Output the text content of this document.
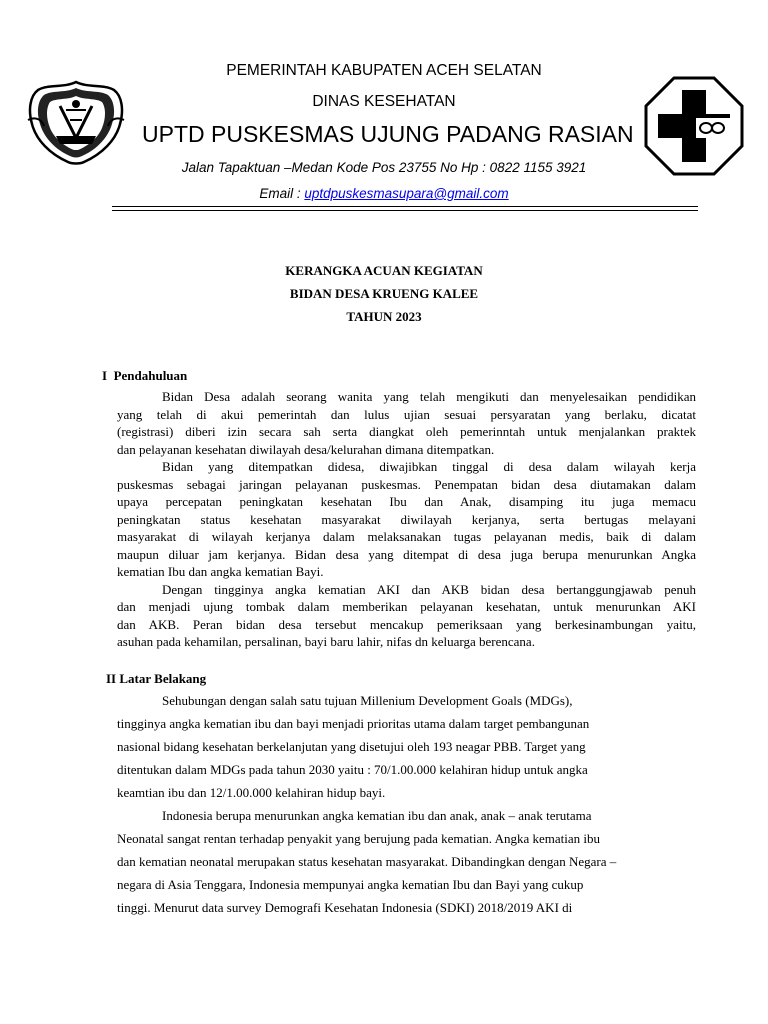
PEMERINTAH KABUPATEN ACEH SELATAN
DINAS KESEHATAN
UPTD PUSKESMAS UJUNG PADANG RASIAN
Jalan Tapaktuan –Medan Kode Pos 23755 No Hp : 0822 1155 3921
Email : uptdpuskesmasupara@gmail.com
KERANGKA ACUAN KEGIATAN
BIDAN DESA KRUENG KALEE
TAHUN 2023
I Pendahuluan
Bidan Desa adalah seorang wanita yang telah mengikuti dan menyelesaikan pendidikan
yang telah di akui pemerintah dan lulus ujian sesuai persyaratan yang berlaku, dicatat
(registrasi) diberi izin secara sah serta diangkat oleh pemerinntah untuk menjalankan praktek
dan pelayanan kesehatan diwilayah desa/kelurahan dimana ditempatkan.
Bidan yang ditempatkan didesa, diwajibkan tinggal di desa dalam wilayah kerja
puskesmas sebagai jaringan pelayanan puskesmas. Penempatan bidan desa diutamakan dalam
upaya percepatan peningkatan kesehatan Ibu dan Anak, disamping itu juga memacu
peningkatan status kesehatan masyarakat diwilayah kerjanya, serta bertugas melayani
masyarakat di wilayah kerjanya dalam melaksanakan tugas pelayanan medis, baik di dalam
maupun diluar jam kerjanya. Bidan desa yang ditempat di desa juga berupa menurunkan Angka
kematian Ibu dan angka kematian Bayi.
Dengan tingginya angka kematian AKI dan AKB bidan desa bertanggungjawab penuh
dan menjadi ujung tombak dalam memberikan pelayanan kesehatan, untuk menurunkan AKI
dan AKB. Peran bidan desa tersebut mencakup pemeriksaan yang berkesinambungan yaitu,
asuhan pada kehamilan, persalinan, bayi baru lahir, nifas dn keluarga berencana.
II Latar Belakang
Sehubungan dengan salah satu tujuan Millenium Development Goals (MDGs),
tingginya angka kematian ibu dan bayi menjadi prioritas utama dalam target pembangunan
nasional bidang kesehatan berkelanjutan yang disetujui oleh 193 neagar PBB. Target yang
ditentukan dalam MDGs pada tahun 2030 yaitu : 70/1.00.000 kelahiran hidup untuk angka
keamtian ibu dan 12/1.00.000 kelahiran hidup bayi.
Indonesia berupa menurunkan angka kematian ibu dan anak, anak – anak terutama
Neonatal sangat rentan terhadap penyakit yang berujung pada kematian. Angka kematian ibu
dan kematian neonatal merupakan status kesehatan masyarakat. Dibandingkan dengan Negara –
negara di Asia Tenggara, Indonesia mempunyai angka kematian Ibu dan Bayi yang cukup
tinggi. Menurut data survey Demografi Kesehatan Indonesia (SDKI) 2018/2019 AKI di
